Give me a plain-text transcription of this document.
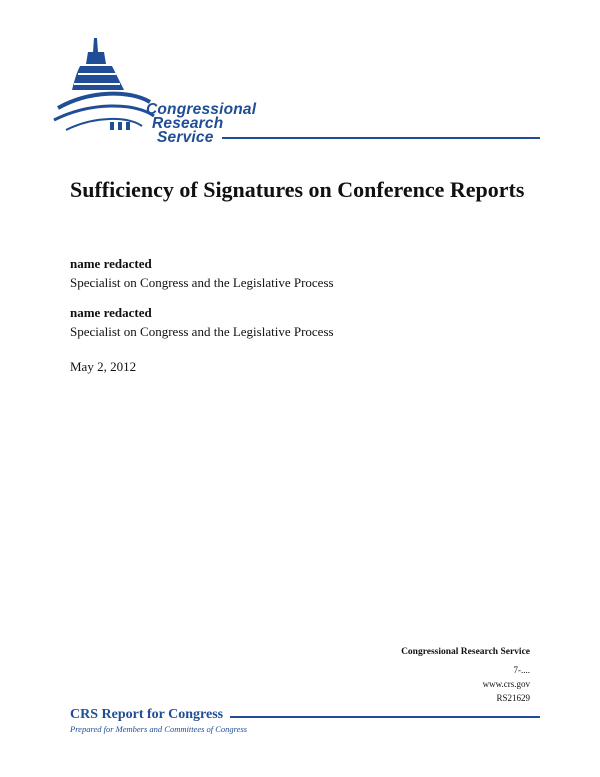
Congressional
Research
Service
Sufficiency of Signatures on Conference Reports
name redacted
Specialist on Congress and the Legislative Process
name redacted
Specialist on Congress and the Legislative Process
May 2, 2012
Congressional Research Service
7-....
www.crs.gov
RS21629
CRS Report for Congress
Prepared for Members and Committees of Congress
